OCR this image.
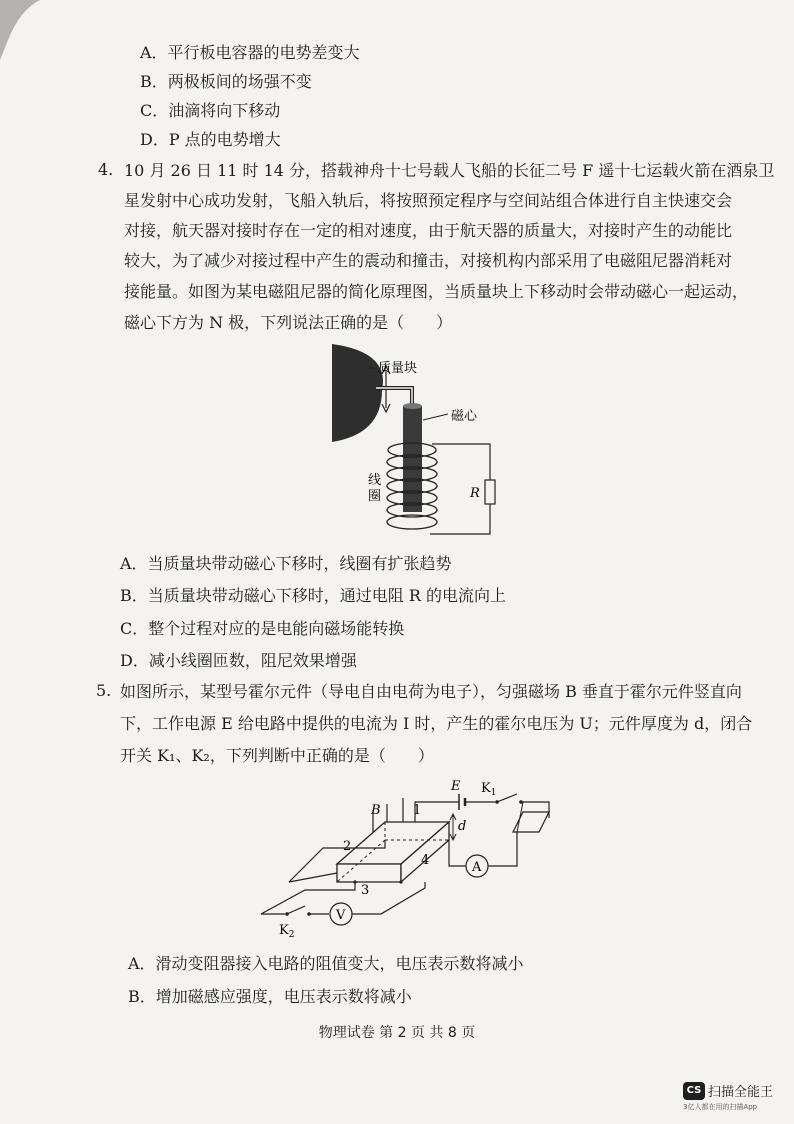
A．平行板电容器的电势差变大
B．两极板间的场强不变
C．油滴将向下移动
D．P 点的电势增大
4. 10 月 26 日 11 时 14 分，搭载神舟十七号载人飞船的长征二号 F 遥十七运载火箭在酒泉卫
星发射中心成功发射，飞船入轨后，将按照预定程序与空间站组合体进行自主快速交会
对接，航天器对接时存在一定的相对速度，由于航天器的质量大，对接时产生的动能比
较大，为了减少对接过程中产生的震动和撞击，对接机构内部采用了电磁阻尼器消耗对
接能量。如图为某电磁阻尼器的简化原理图，当质量块上下移动时会带动磁心一起运动，
磁心下方为 N 极，下列说法正确的是（　　）
质量块
磁心
线
圈	R
A．当质量块带动磁心下移时，线圈有扩张趋势
B．当质量块带动磁心下移时，通过电阻 R 的电流向上
C．整个过程对应的是电能向磁场能转换
D．减小线圈匝数，阻尼效果增强
5. 如图所示，某型号霍尔元件（导电自由电荷为电子），匀强磁场 B 垂直于霍尔元件竖直向
下，工作电源 E 给电路中提供的电流为 I 时，产生的霍尔电压为 U；元件厚度为 d，闭合
开关 K₁、K₂，下列判断中正确的是（　　）
B 1
2
3
4
d
E $K_1$
A
$K_2$
V
A．滑动变阻器接入电路的阻值变大，电压表示数将减小
B．增加磁感应强度，电压表示数将减小
物理试卷 第 2 页 共 8 页
CS 扫描全能王
3亿人都在用的扫描App
